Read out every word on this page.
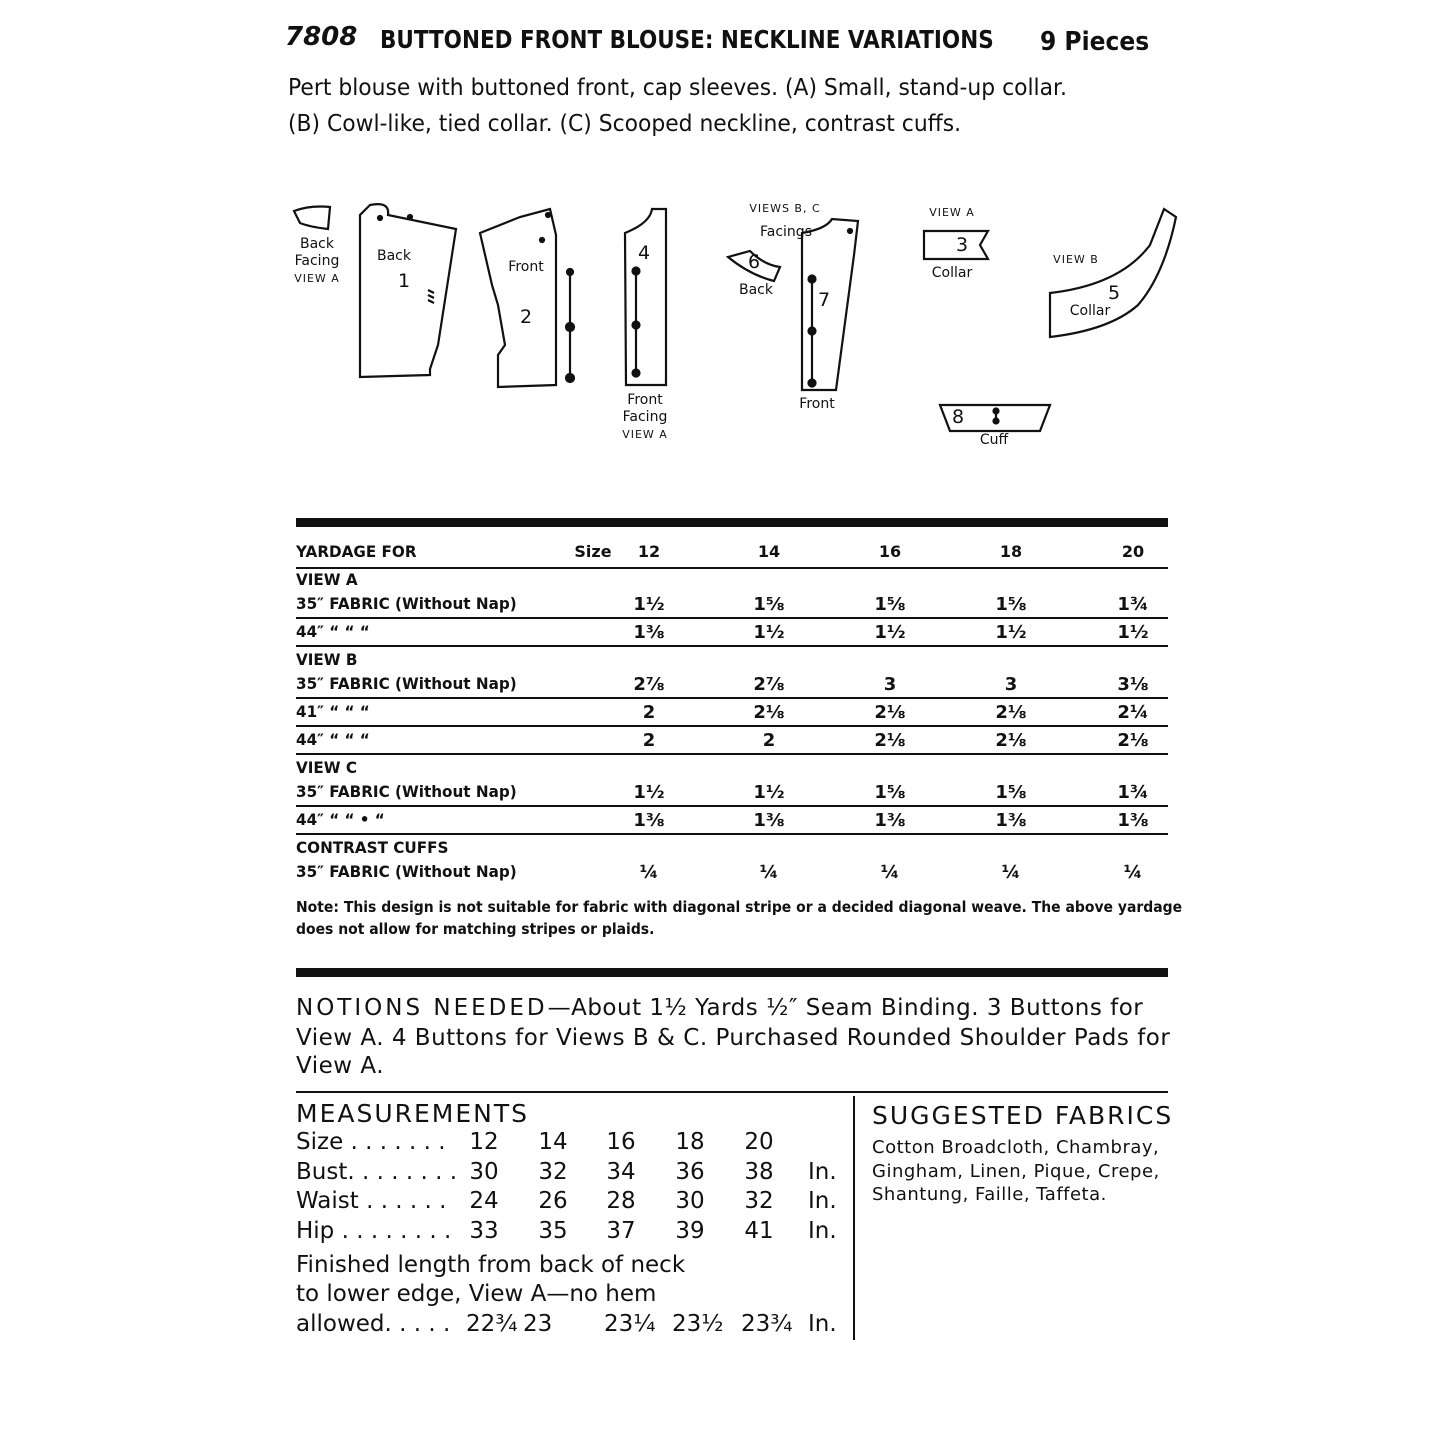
7808 BUTTONED FRONT BLOUSE: NECKLINE VARIATIONS 9 Pieces
Pert blouse with buttoned front, cap sleeves. (A) Small, stand-up collar.
(B) Cowl-like, tied collar. (C) Scooped neckline, contrast cuffs.
Back
Facing
VIEW A
Back
1
Front
2
4
Front
Facing
VIEW A
VIEWS B, C
Facings
6
Back 7
Front
VIEW A
3
Collar
VIEW B
5
Collar
8
Cuff
YARDAGE FOR	Size	12	14	16	18	20
VIEW A
35″ FABRIC (Without Nap)	1½	1⅝	1⅝	1⅝	1¾
44″ “ “ “	1⅜	1½	1½	1½	1½
VIEW B
35″ FABRIC (Without Nap)	2⅞	2⅞	3	3	3⅛
41″ “ “ “	2	2⅛	2⅛	2⅛	2¼
44″ “ “ “	2	2	2⅛	2⅛	2⅛
VIEW C
35″ FABRIC (Without Nap)	1½	1½	1⅝	1⅝	1¾
44″ “ “ • “	1⅜	1⅜	1⅜	1⅜	1⅜
CONTRAST CUFFS
35″ FABRIC (Without Nap)	¼	¼	¼	¼	¼
Note: This design is not suitable for fabric with diagonal stripe or a decided diagonal weave. The above yardage
does not allow for matching stripes or plaids.
NOTIONS NEEDED—About 1½ Yards ½″ Seam Binding. 3 Buttons for
View A. 4 Buttons for Views B & C. Purchased Rounded Shoulder Pads for
View A.
MEASUREMENTS
Size . . . . . . .	12	14	16	18	20
Bust. . . . . . . . 30	32	34	36	38	In.
Waist . . . . . . 24	26	28	30	32	In.
Hip . . . . . . . . 33	35	37	39	41	In.
Finished length from back of neck
to lower edge, View A—no hem
allowed. . . . . 22¾ 23	23¼ 23½ 23¾ In.
SUGGESTED FABRICS
Cotton Broadcloth, Chambray,
Gingham, Linen, Pique, Crepe,
Shantung, Faille, Taffeta.
